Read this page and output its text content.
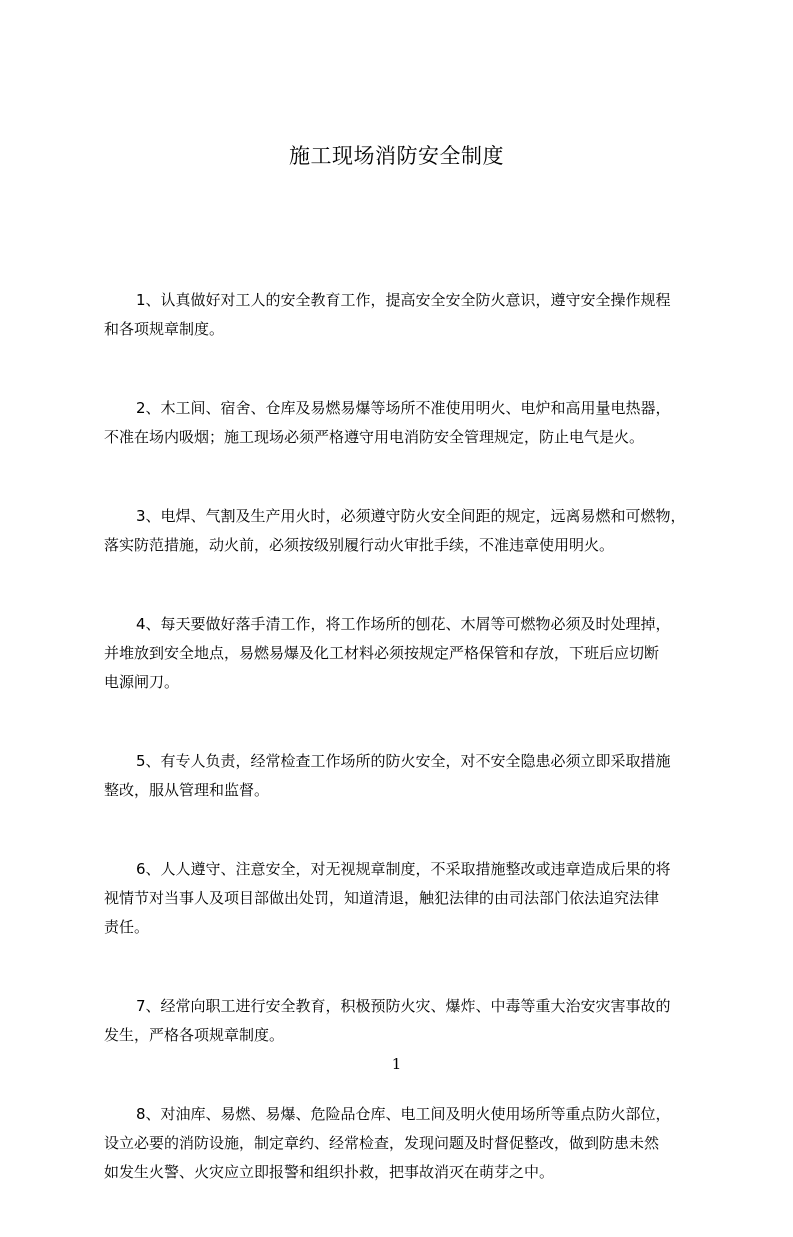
施工现场消防安全制度
1、认真做好对工人的安全教育工作，提高安全安全防火意识，遵守安全操作规程
和各项规章制度。
2、木工间、宿舍、仓库及易燃易爆等场所不准使用明火、电炉和高用量电热器，
不准在场内吸烟；施工现场必须严格遵守用电消防安全管理规定，防止电气是火。
3、电焊、气割及生产用火时，必须遵守防火安全间距的规定，远离易燃和可燃物，
落实防范措施，动火前，必须按级别履行动火审批手续，不准违章使用明火。
4、每天要做好落手清工作，将工作场所的刨花、木屑等可燃物必须及时处理掉，
并堆放到安全地点，易燃易爆及化工材料必须按规定严格保管和存放，下班后应切断
电源闸刀。
5、有专人负责，经常检查工作场所的防火安全，对不安全隐患必须立即采取措施
整改，服从管理和监督。
6、人人遵守、注意安全，对无视规章制度，不采取措施整改或违章造成后果的将
视情节对当事人及项目部做出处罚，知道清退，触犯法律的由司法部门依法追究法律
责任。
7、经常向职工进行安全教育，积极预防火灾、爆炸、中毒等重大治安灾害事故的
发生，严格各项规章制度。
8、对油库、易燃、易爆、危险品仓库、电工间及明火使用场所等重点防火部位，
设立必要的消防设施，制定章约、经常检查，发现问题及时督促整改，做到防患未然
如发生火警、火灾应立即报警和组织扑救，把事故消灭在萌芽之中。
1
